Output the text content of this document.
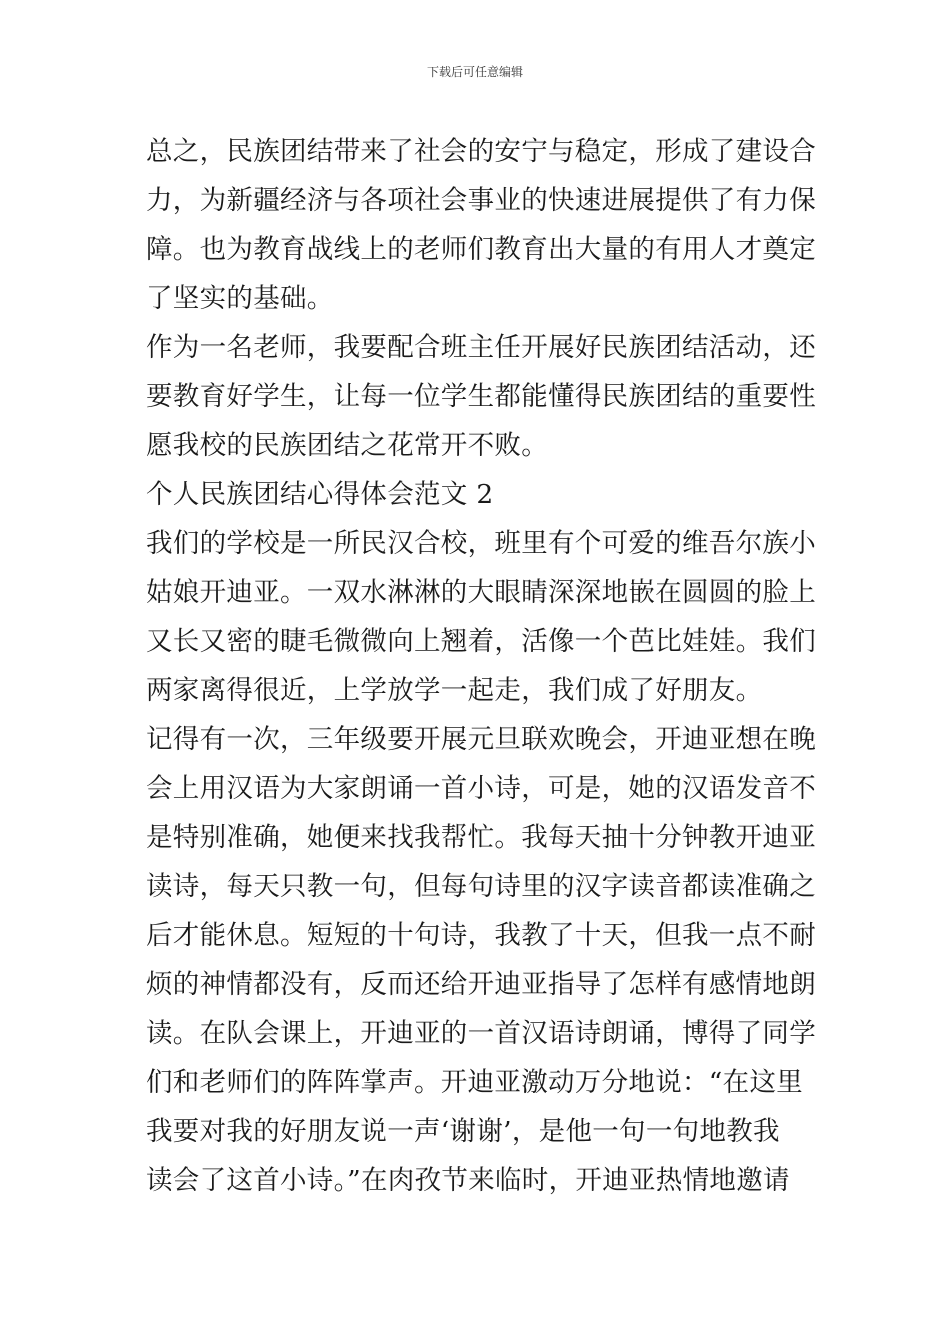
下载后可任意编辑
总之，民族团结带来了社会的安宁与稳定，形成了建设合
力，为新疆经济与各项社会事业的快速进展提供了有力保
障。也为教育战线上的老师们教育出大量的有用人才奠定
了坚实的基础。
作为一名老师，我要配合班主任开展好民族团结活动，还
要教育好学生，让每一位学生都能懂得民族团结的重要性
愿我校的民族团结之花常开不败。
个人民族团结心得体会范文 2
我们的学校是一所民汉合校，班里有个可爱的维吾尔族小
姑娘开迪亚。一双水淋淋的大眼睛深深地嵌在圆圆的脸上
又长又密的睫毛微微向上翘着，活像一个芭比娃娃。我们
两家离得很近，上学放学一起走，我们成了好朋友。
记得有一次，三年级要开展元旦联欢晚会，开迪亚想在晚
会上用汉语为大家朗诵一首小诗，可是，她的汉语发音不
是特别准确，她便来找我帮忙。我每天抽十分钟教开迪亚
读诗，每天只教一句，但每句诗里的汉字读音都读准确之
后才能休息。短短的十句诗，我教了十天，但我一点不耐
烦的神情都没有，反而还给开迪亚指导了怎样有感情地朗
读。在队会课上，开迪亚的一首汉语诗朗诵，博得了同学
们和老师们的阵阵掌声。开迪亚激动万分地说：“在这里
我要对我的好朋友说一声‘谢谢’，是他一句一句地教我
读会了这首小诗。”在肉孜节来临时，开迪亚热情地邀请
